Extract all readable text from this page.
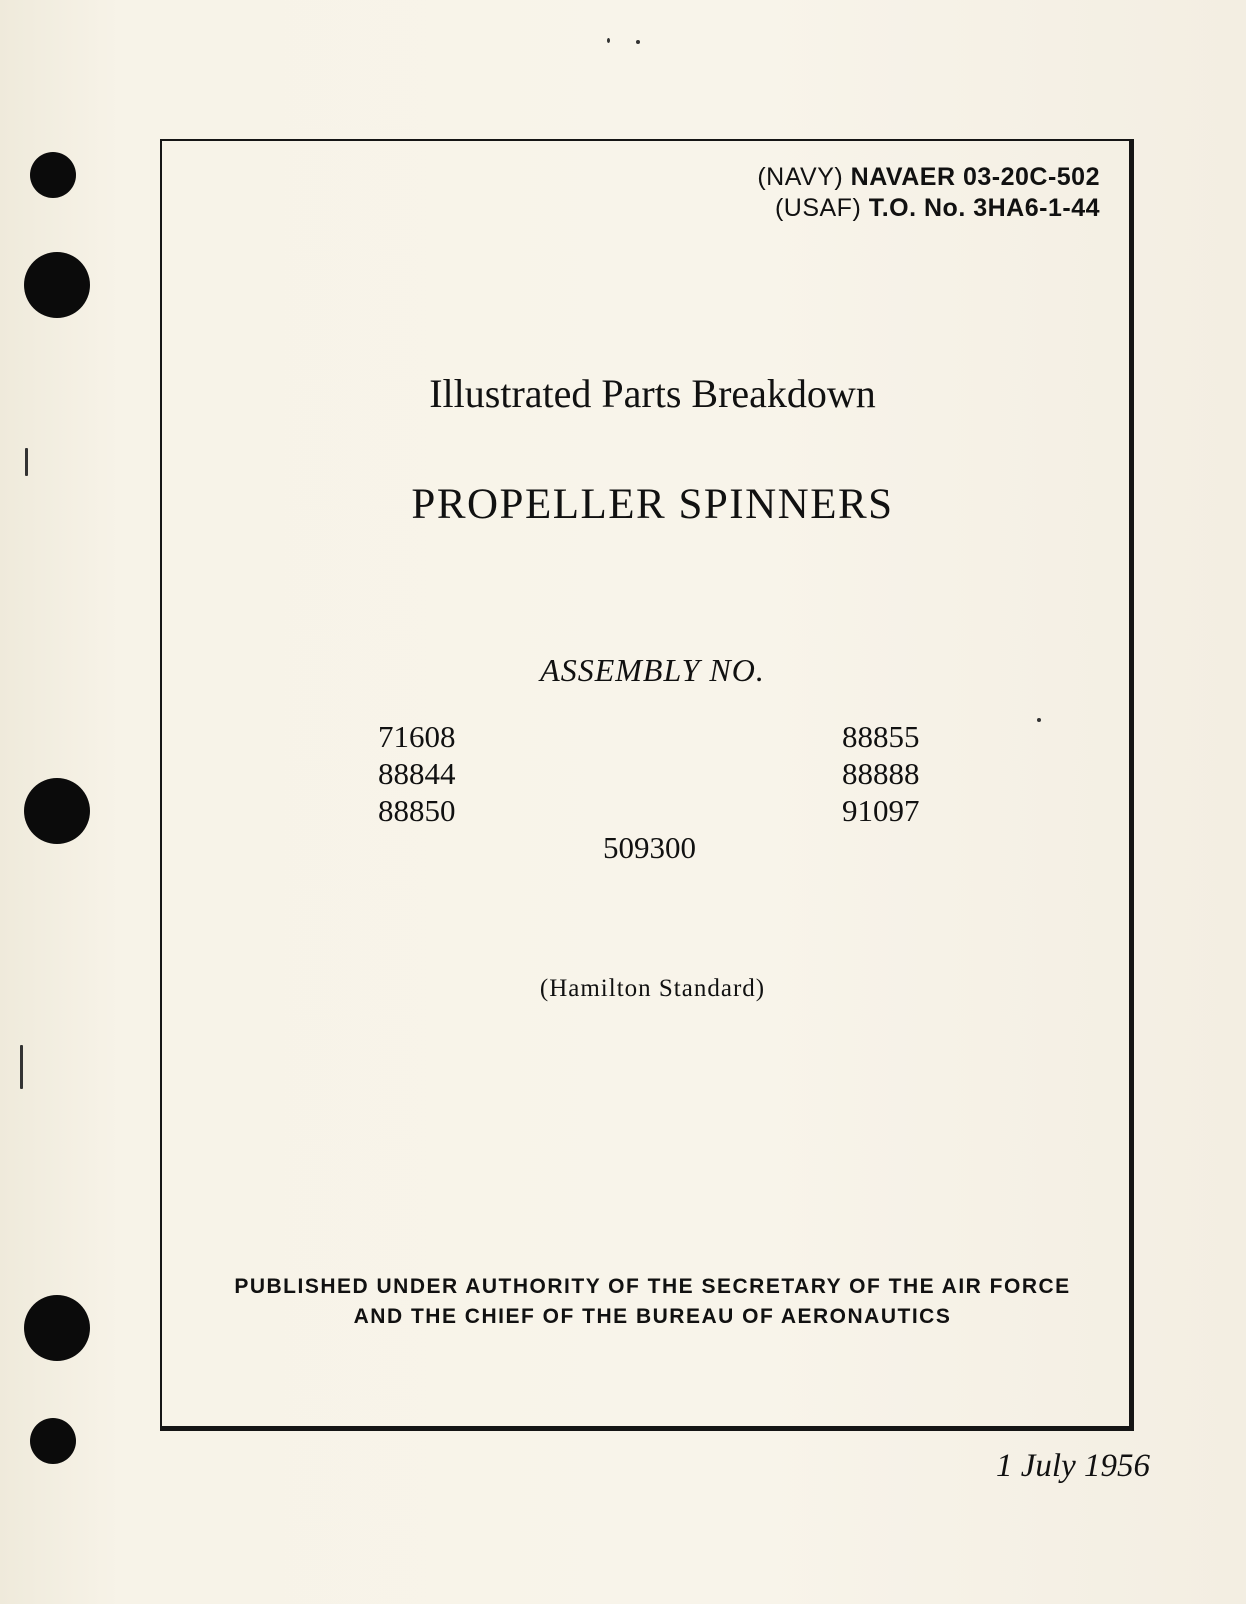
(NAVY) NAVAER 03-20C-502
(USAF) T.O. No. 3HA6-1-44
Illustrated Parts Breakdown
PROPELLER SPINNERS
ASSEMBLY NO.
71608
88844
88850
88855
88888
91097
509300
(Hamilton Standard)
PUBLISHED UNDER AUTHORITY OF THE SECRETARY OF THE AIR FORCE
AND THE CHIEF OF THE BUREAU OF AERONAUTICS
1 July 1956
